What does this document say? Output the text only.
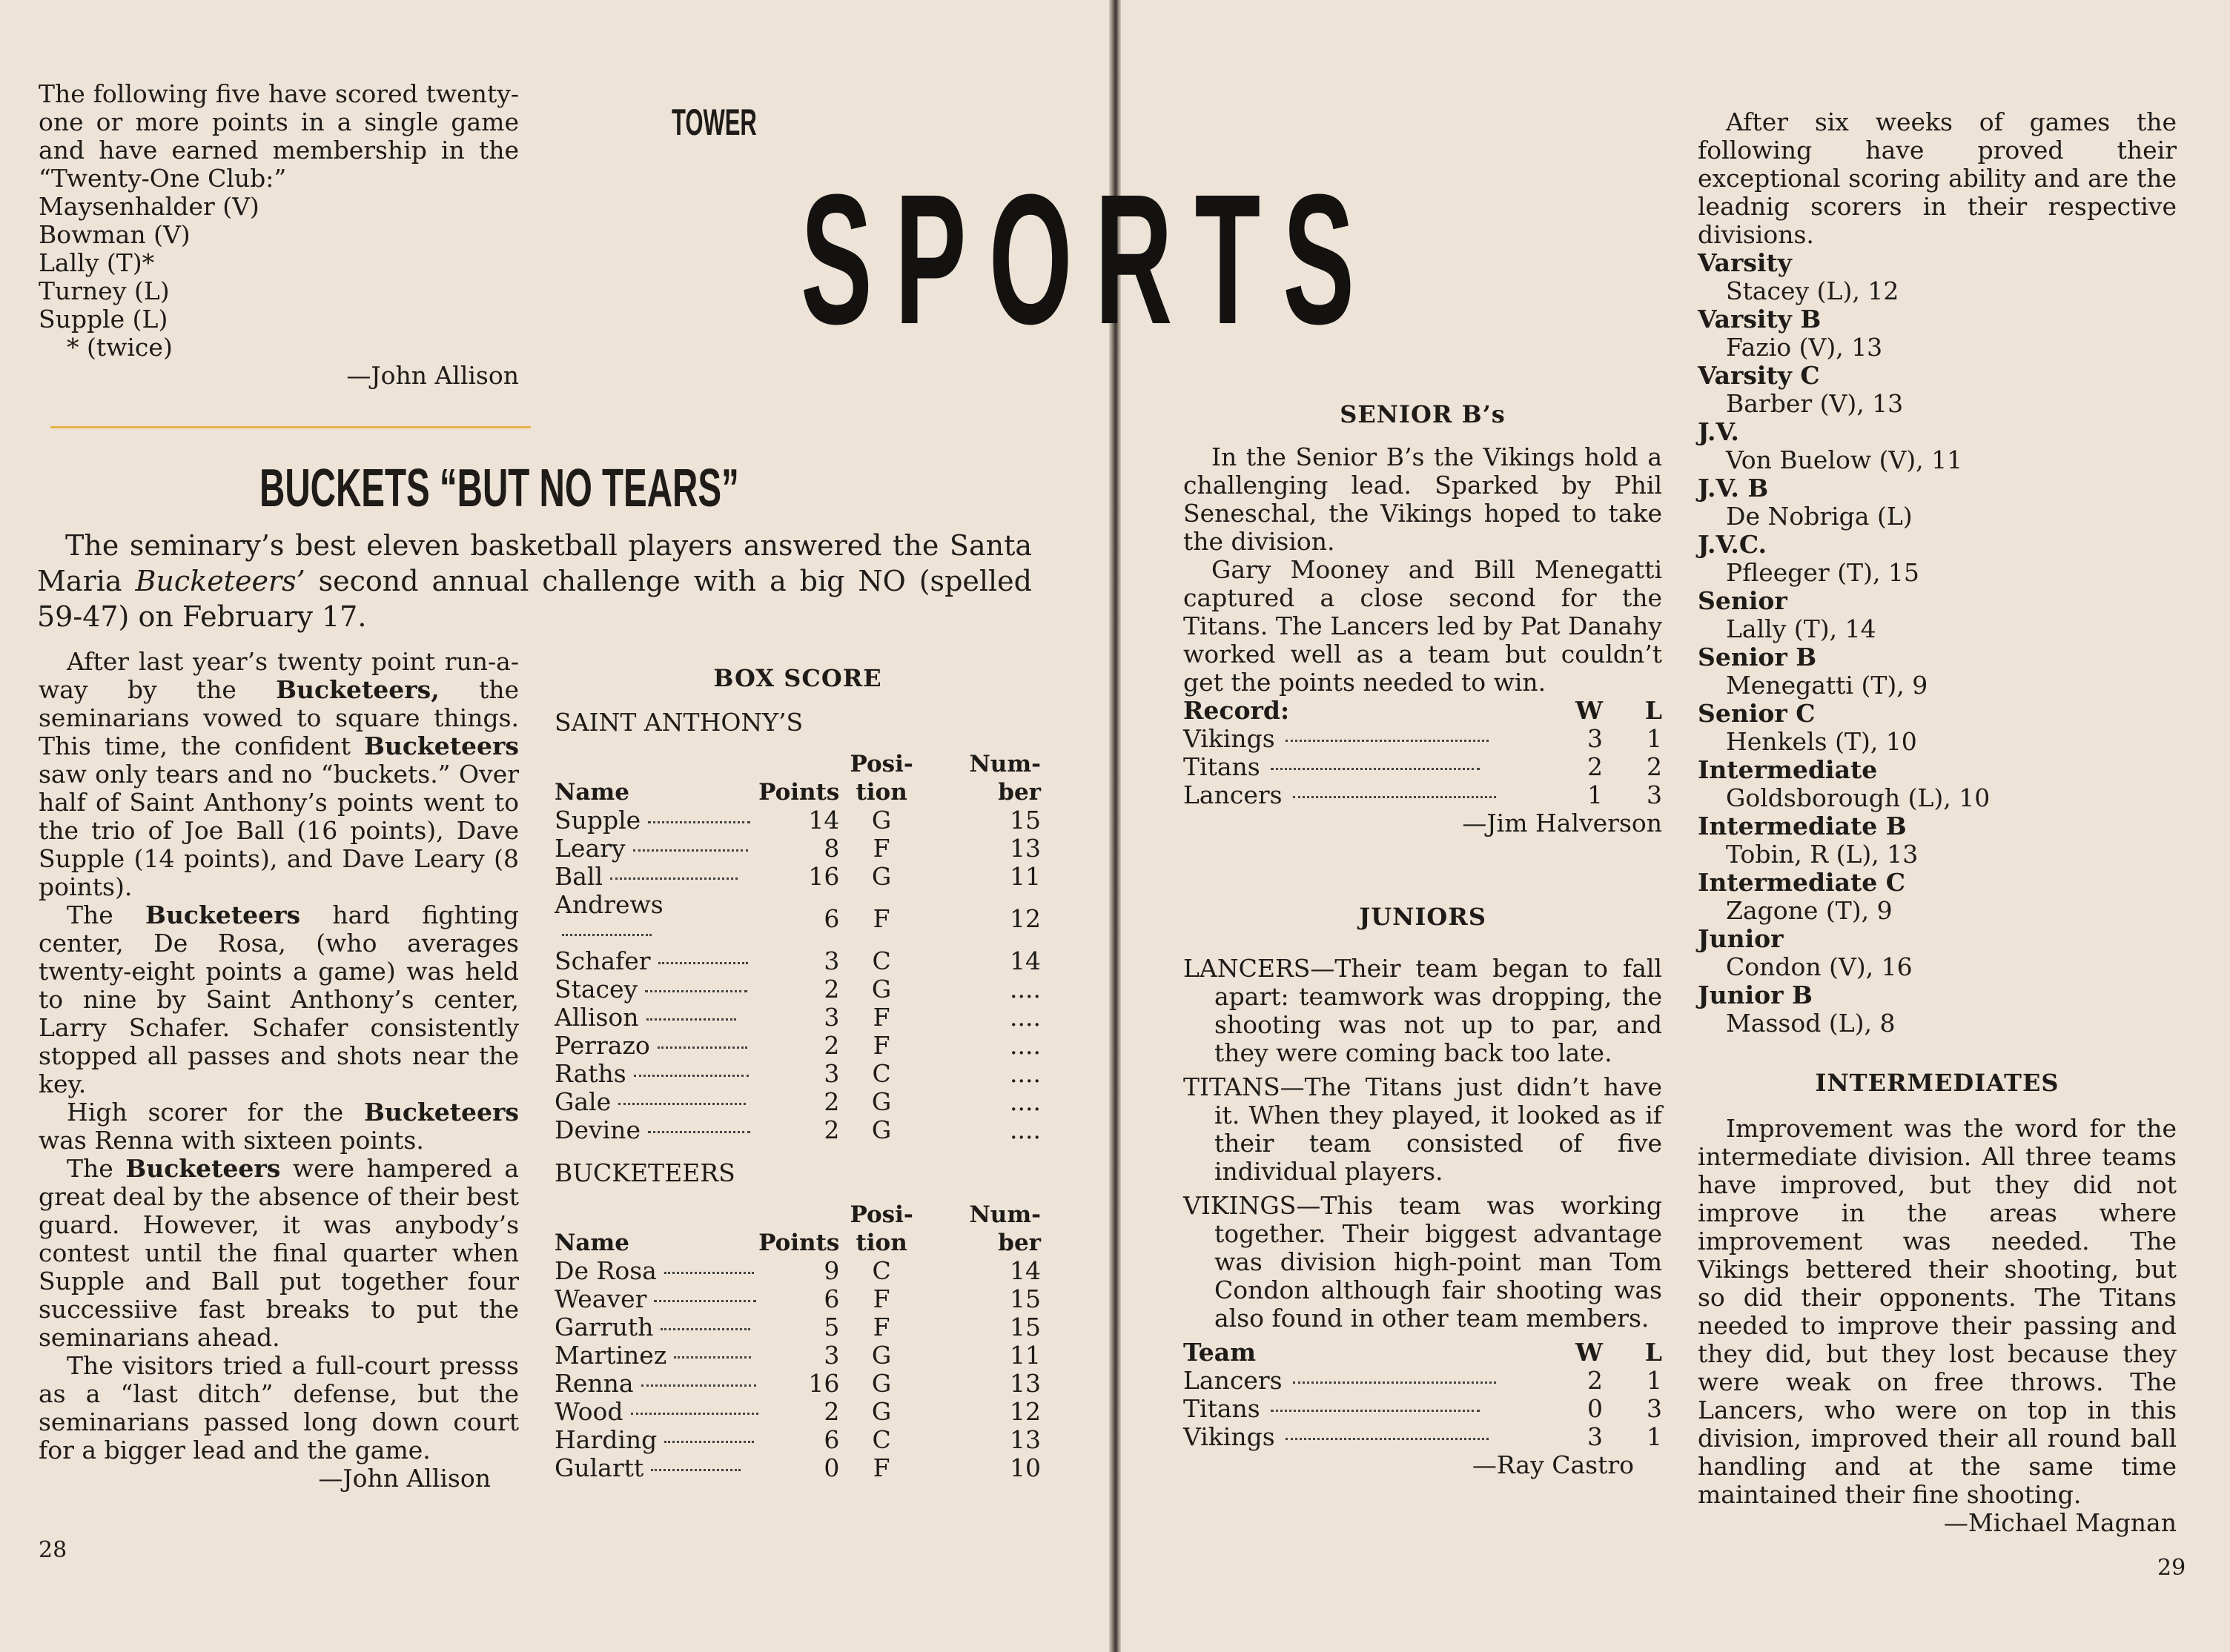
The following five have scored twenty-one or more points in a single game and have earned membership in the “Twenty-One Club:”

Maysenhalder (V)
Bowman (V)
Lally (T)*
Turney (L)
Supple (L)
* (twice)
—John Allison
TOWER
BUCKETS “BUT NO TEARS”

The seminary’s best eleven basketball players answered the Santa Maria Bucketeers’ second annual challenge with a big NO (spelled 59-47) on February 17.

After last year’s twenty point run-a-way by the Bucketeers, the seminarians vowed to square things. This time, the confident Bucketeers saw only tears and no “buckets.” Over half of Saint Anthony’s points went to the trio of Joe Ball (16 points), Dave Supple (14 points), and Dave Leary (8 points).

The Bucketeers hard fighting center, De Rosa, (who averages twenty-eight points a game) was held to nine by Saint Anthony’s center, Larry Schafer. Schafer consistently stopped all passes and shots near the key.

High scorer for the Bucketeers was Renna with sixteen points.

The Bucketeers were hampered a great deal by the absence of their best guard. However, it was anybody’s contest until the final quarter when Supple and Ball put together four successiive fast breaks to put the seminarians ahead.

The visitors tried a full-court presss as a “last ditch” defense, but the seminarians passed long down court for a bigger lead and the game.

—John Allison
BOX SCORE
SAINT ANTHONY’S
		Posi-	Num-
Name	Points	tion	ber
Supple	14	G	15
Leary	8	F	13
Ball	16	G	11
Andrews	6	F	12
Schafer	3	C	14
Stacey	2	G	....
Allison	3	F	....
Perrazo	2	F	....
Raths	3	C	....
Gale	2	G	....
Devine	2	G	....
BUCKETEERS
		Posi-	Num-
Name	Points	tion	ber
De Rosa	9	C	14
Weaver	6	F	15
Garruth	5	F	15
Martinez	3	G	11
Renna	16	G	13
Wood	2	G	12
Harding	6	C	13
Gulartt	0	F	10
28
SENIOR B’s

In the Senior B’s the Vikings hold a challenging lead. Sparked by Phil Seneschal, the Vikings hoped to take the division.

Gary Mooney and Bill Menegatti captured a close second for the Titans. The Lancers led by Pat Danahy worked well as a team but couldn’t get the points needed to win.

Record:	W	L
Vikings	3	1
Titans	2	2
Lancers	1	3
—Jim Halverson
JUNIORS

LANCERS—Their team began to fall apart: teamwork was dropping, the shooting was not up to par, and they were coming back too late.

TITANS—The Titans just didn’t have it. When they played, it looked as if their team consisted of five individual players.

VIKINGS—This team was working together. Their biggest advantage was division high-point man Tom Condon although fair shooting was also found in other team members.

Team	W	L
Lancers	2	1
Titans	0	3
Vikings	3	1
—Ray Castro

After six weeks of games the following have proved their exceptional scoring ability and are the leadnig scorers in their respective divisions.

Varsity
Stacey (L), 12
Varsity B
Fazio (V), 13
Varsity C
Barber (V), 13
J.V.
Von Buelow (V), 11
J.V. B
De Nobriga (L)
J.V.C.
Pfleeger (T), 15
Senior
Lally (T), 14
Senior B
Menegatti (T), 9
Senior C
Henkels (T), 10
Intermediate
Goldsborough (L), 10
Intermediate B
Tobin, R (L), 13
Intermediate C
Zagone (T), 9
Junior
Condon (V), 16
Junior B
Massod (L), 8
INTERMEDIATES

Improvement was the word for the intermediate division. All three teams have improved, but they did not improve in the areas where improvement was needed. The Vikings bettered their shooting, but so did their opponents. The Titans needed to improve their passing and they did, but they lost because they were weak on free throws. The Lancers, who were on top in this division, improved their all round ball handling and at the same time maintained their fine shooting.

—Michael Magnan
29
SPORTS
